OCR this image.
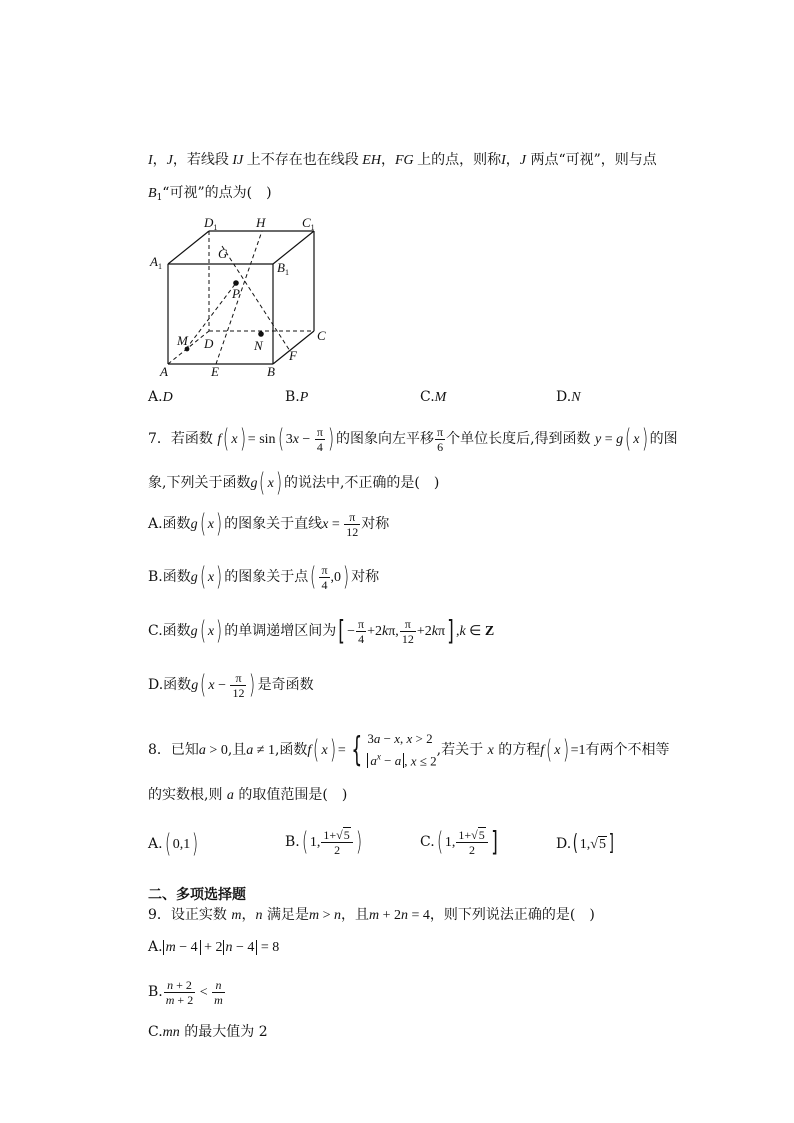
I，J，若线段 IJ 上不存在也在线段 EH，FG 上的点，则称I，J 两点“可视”，则与点
$B_1“$可视”的点为(　)
$D_1$	H	$C_1$
$A_1$
G
$B_1$
P
M D	N
C
F
A	E	B
A.D	B.P	C.M	D.N
7．若函数 f( x) = sin( $3x - \frac{\pi}{4}$ ) 的图象向左平移 $\frac{\pi}{6}$ 个单位长度后,得到函数 y = g( x) 的图
象,下列关于函数g( x) 的说法中,不正确的是(　)
A.函数g( x) 的图象关于直线$x = \frac{\pi}{12}$ 对称
B.函数g( x) 的图象关于点( $\frac{\pi}{4} ,0$) 对称
C.函数g( x) 的单调递增区间为[ − $\frac{\pi}{4} +2k\pi$, $\frac{\pi}{12} +2k\pi$] ,k ∈ Z
D.函数g( $x - \frac{\pi}{12}$ ) 是奇函数
8．已知a > 0,且a ≠ 1,函数f( x) = { 3a − x, x > 2
$a^x - a$ , x ≤ 2
,若关于 x 的方程f( x) =1有两个不相等
的实数根,则 a 的取值范围是(　)
A.( 0,1)	B.( 1, $\frac{1+√5}{2}$ )	C.( 1, $\frac{1+√5}{2}$ ]	D.( 1,√5 ]
二、多项选择题
9．设正实数 m，n 满足是m > n，且m + 2n = 4，则下列说法正确的是(　)
A. m − 4 + 2 n − 4 = 8
B. $\frac{n + 2}{m + 2} < \frac{n}{m}$
C.mn 的最大值为 2
